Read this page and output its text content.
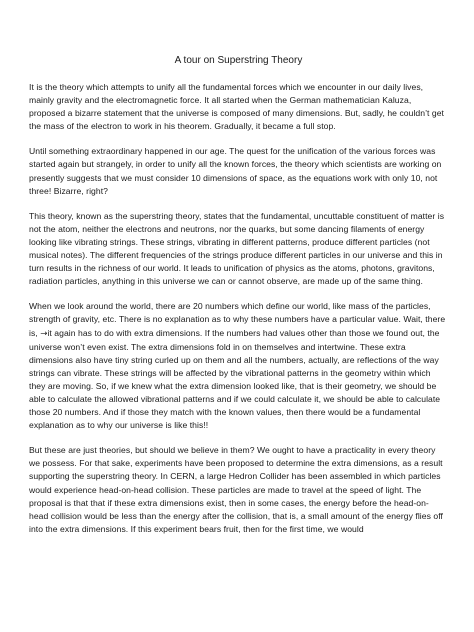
A tour on Superstring Theory

It is the theory which attempts to unify all the fundamental forces which we encounter in our daily lives, mainly gravity and the electromagnetic force. It all started when the German mathematician Kaluza, proposed a bizarre statement that the universe is composed of many dimensions. But, sadly, he couldn’t get the mass of the electron to work in his theorem. Gradually, it became a full stop.

Until something extraordinary happened in our age. The quest for the unification of the various forces was started again but strangely, in order to unify all the known forces, the theory which scientists are working on presently suggests that we must consider 10 dimensions of space, as the equations work with only 10, not three! Bizarre, right?

This theory, known as the superstring theory, states that the fundamental, uncuttable constituent of matter is not the atom, neither the electrons and neutrons, nor the quarks, but some dancing filaments of energy looking like vibrating strings. These strings, vibrating in different patterns, produce different particles (not musical notes). The different frequencies of the strings produce different particles in our universe and this in turn results in the richness of our world. It leads to unification of physics as the atoms, photons, gravitons, radiation particles, anything in this universe we can or cannot observe, are made up of the same thing.

When we look around the world, there are 20 numbers which define our world, like mass of the particles, strength of gravity, etc. There is no explanation as to why these numbers have a particular value. Wait, there is, →it again has to do with extra dimensions. If the numbers had values other than those we found out, the universe won’t even exist. The extra dimensions fold in on themselves and intertwine. These extra dimensions also have tiny string curled up on them and all the numbers, actually, are reflections of the way strings can vibrate. These strings will be affected by the vibrational patterns in the geometry within which they are moving. So, if we knew what the extra dimension looked like, that is their geometry, we should be able to calculate the allowed vibrational patterns and if we could calculate it, we should be able to calculate those 20 numbers. And if those they match with the known values, then there would be a fundamental explanation as to why our universe is like this!!

But these are just theories, but should we believe in them? We ought to have a practicality in every theory we possess. For that sake, experiments have been proposed to determine the extra dimensions, as a result supporting the superstring theory. In CERN, a large Hedron Collider has been assembled in which particles would experience head-on-head collision. These particles are made to travel at the speed of light. The proposal is that that if these extra dimensions exist, then in some cases, the energy before the head-on-head collision would be less than the energy after the collision, that is, a small amount of the energy flies off into the extra dimensions. If this experiment bears fruit, then for the first time, we would
